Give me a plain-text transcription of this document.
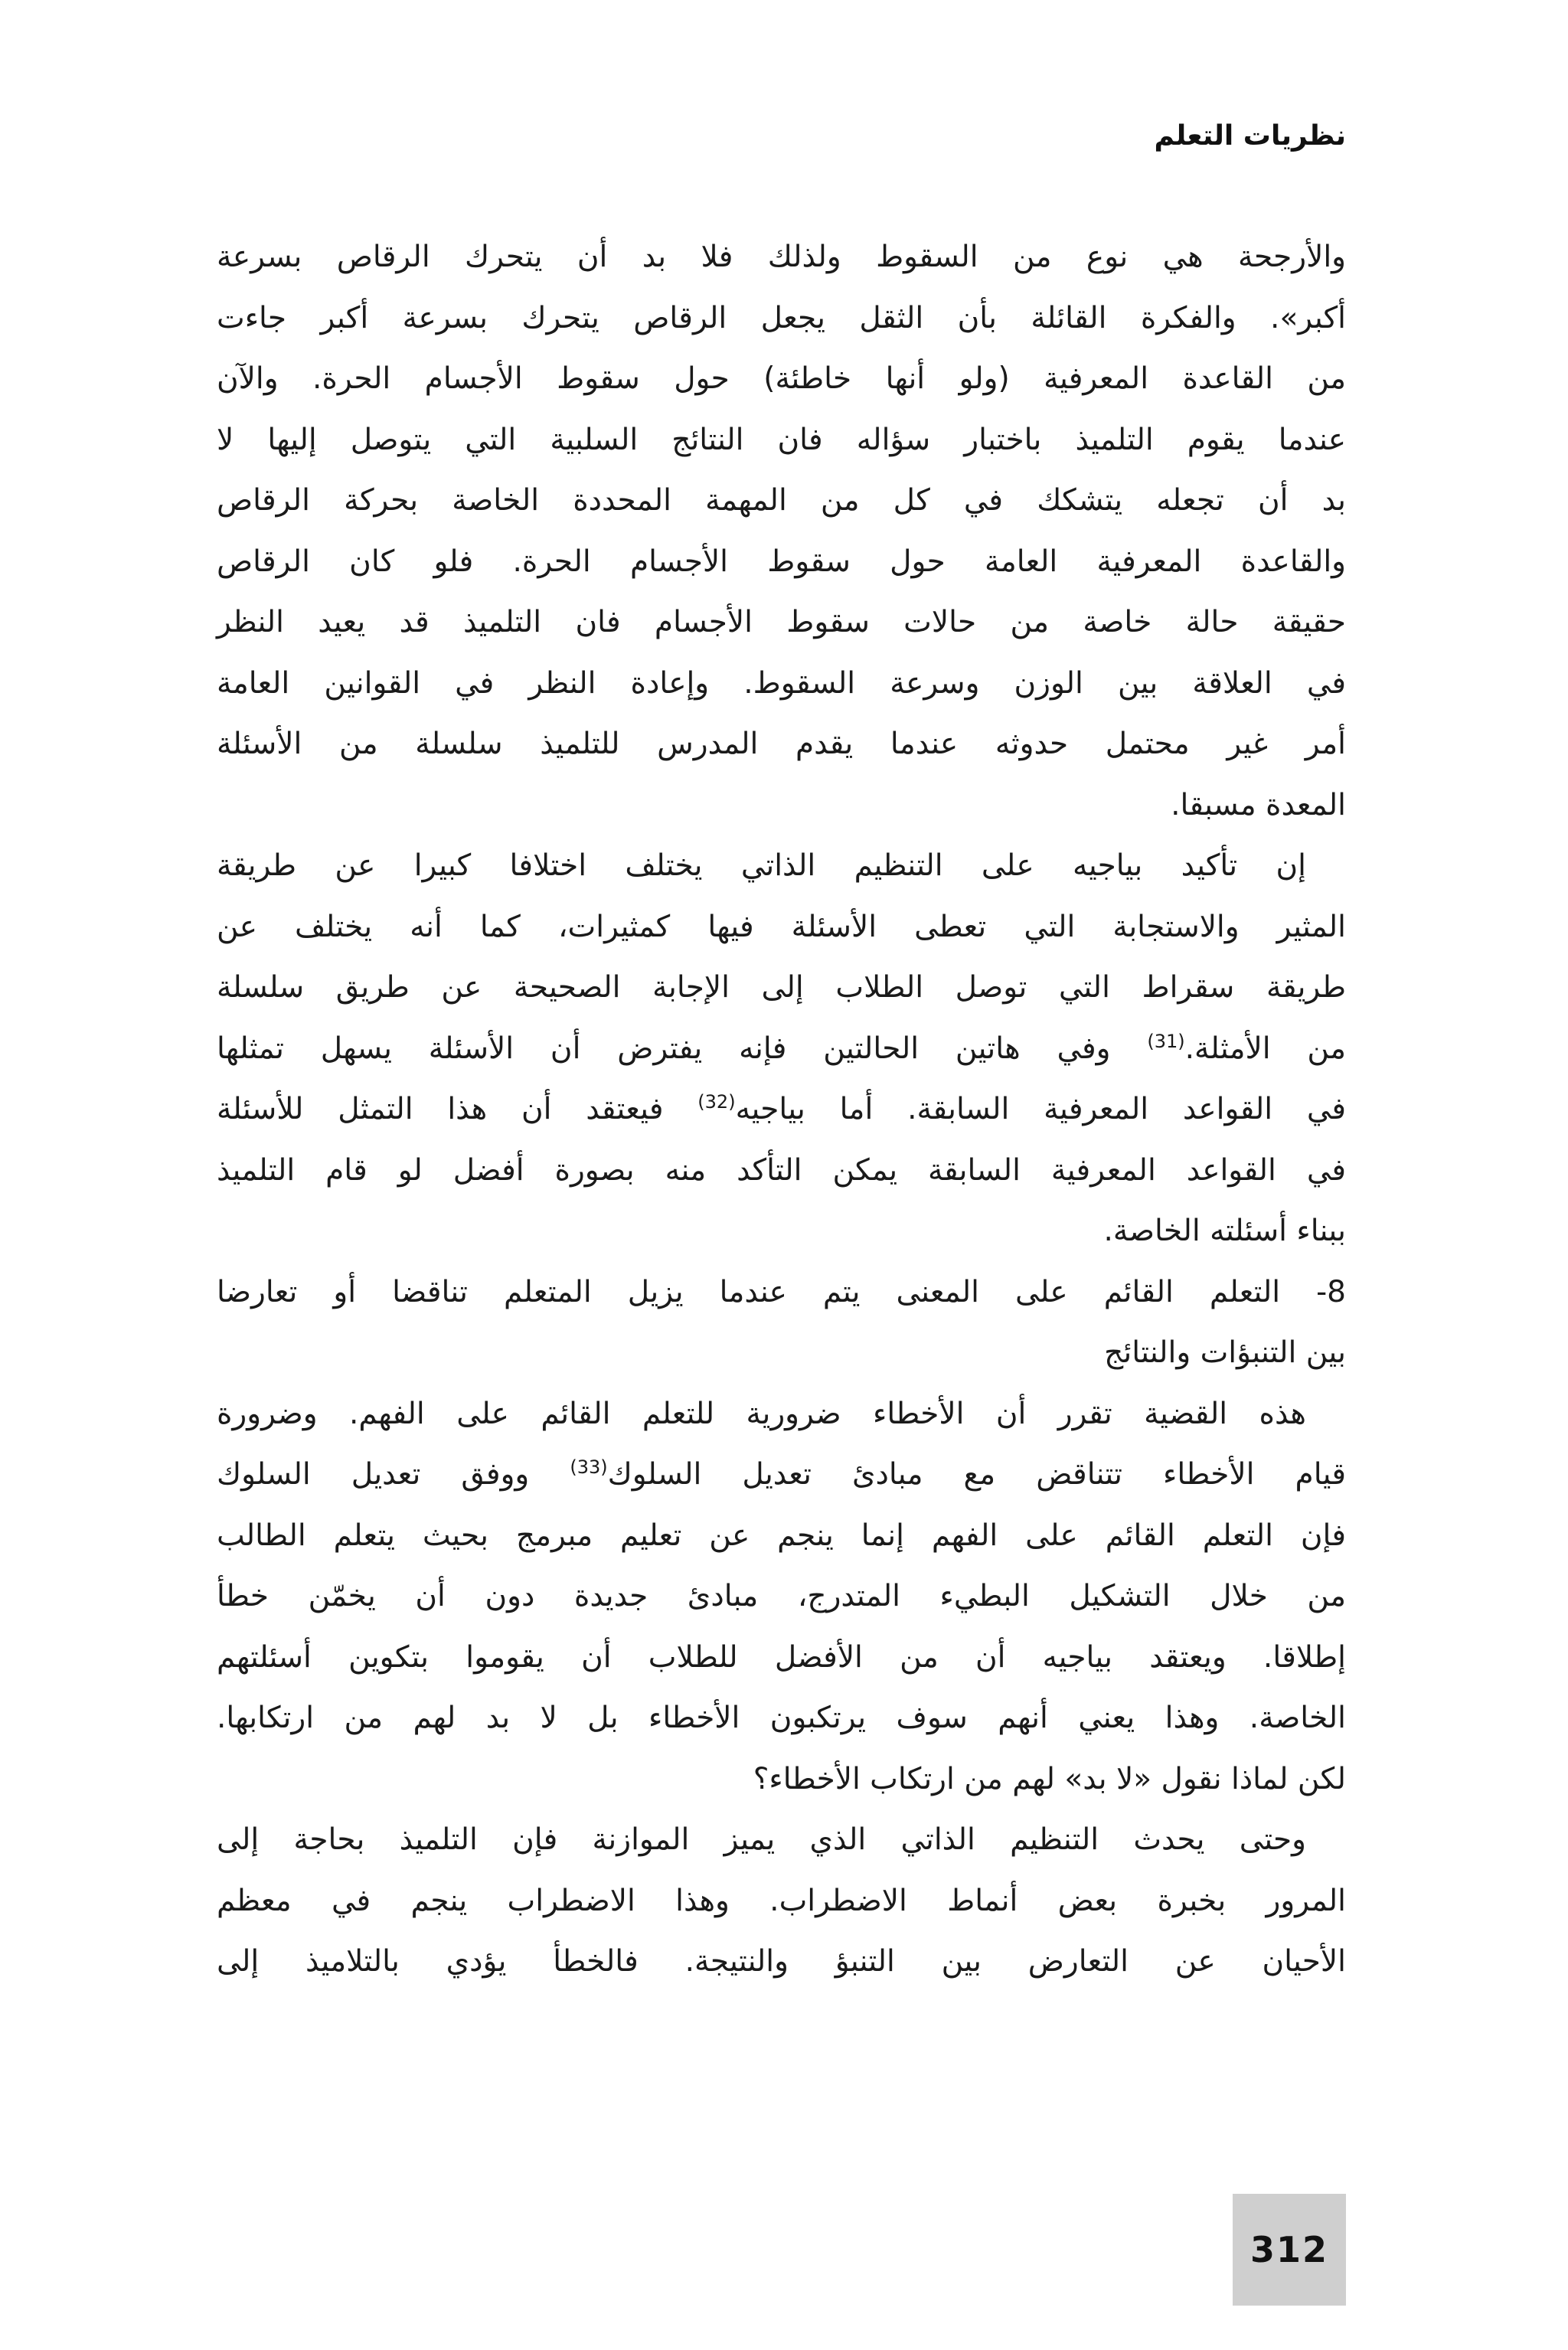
نظريات التعلم
والأرجحة هي نوع من السقوط ولذلك فلا بد أن يتحرك الرقاص بسرعة
أكبر». والفكرة القائلة بأن الثقل يجعل الرقاص يتحرك بسرعة أكبر جاءت
من القاعدة المعرفية (ولو أنها خاطئة) حول سقوط الأجسام الحرة. والآن
عندما يقوم التلميذ باختبار سؤاله فان النتائج السلبية التي يتوصل إليها لا
بد أن تجعله يتشكك في كل من المهمة المحددة الخاصة بحركة الرقاص
والقاعدة المعرفية العامة حول سقوط الأجسام الحرة. فلو كان الرقاص
حقيقة حالة خاصة من حالات سقوط الأجسام فان التلميذ قد يعيد النظر
في العلاقة بين الوزن وسرعة السقوط. وإعادة النظر في القوانين العامة
أمر غير محتمل حدوثه عندما يقدم المدرس للتلميذ سلسلة من الأسئلة
المعدة مسبقا.
إن تأكيد بياجيه على التنظيم الذاتي يختلف اختلافا كبيرا عن طريقة
المثير والاستجابة التي تعطى الأسئلة فيها كمثيرات، كما أنه يختلف عن
طريقة سقراط التي توصل الطلاب إلى الإجابة الصحيحة عن طريق سلسلة
من الأمثلة.$^{(31)}$ وفي هاتين الحالتين فإنه يفترض أن الأسئلة يسهل تمثلها
في القواعد المعرفية السابقة. أما بياجيه$^{(32)}$ فيعتقد أن هذا التمثل للأسئلة
في القواعد المعرفية السابقة يمكن التأكد منه بصورة أفضل لو قام التلميذ
ببناء أسئلته الخاصة.
8- التعلم القائم على المعنى يتم عندما يزيل المتعلم تناقضا أو تعارضا
بين التنبؤات والنتائج
هذه القضية تقرر أن الأخطاء ضرورية للتعلم القائم على الفهم. وضرورة
قيام الأخطاء تتناقض مع مبادئ تعديل السلوك$^{(33)}$ ووفق تعديل السلوك
فإن التعلم القائم على الفهم إنما ينجم عن تعليم مبرمج بحيث يتعلم الطالب
من خلال التشكيل البطيء المتدرج، مبادئ جديدة دون أن يخمّن خطأ
إطلاقا. ويعتقد بياجيه أن من الأفضل للطلاب أن يقوموا بتكوين أسئلتهم
الخاصة. وهذا يعني أنهم سوف يرتكبون الأخطاء بل لا بد لهم من ارتكابها.
لكن لماذا نقول «لا بد» لهم من ارتكاب الأخطاء؟
وحتى يحدث التنظيم الذاتي الذي يميز الموازنة فإن التلميذ بحاجة إلى
المرور بخبرة بعض أنماط الاضطراب. وهذا الاضطراب ينجم في معظم
الأحيان عن التعارض بين التنبؤ والنتيجة. فالخطأ يؤدي بالتلاميذ إلى
312
